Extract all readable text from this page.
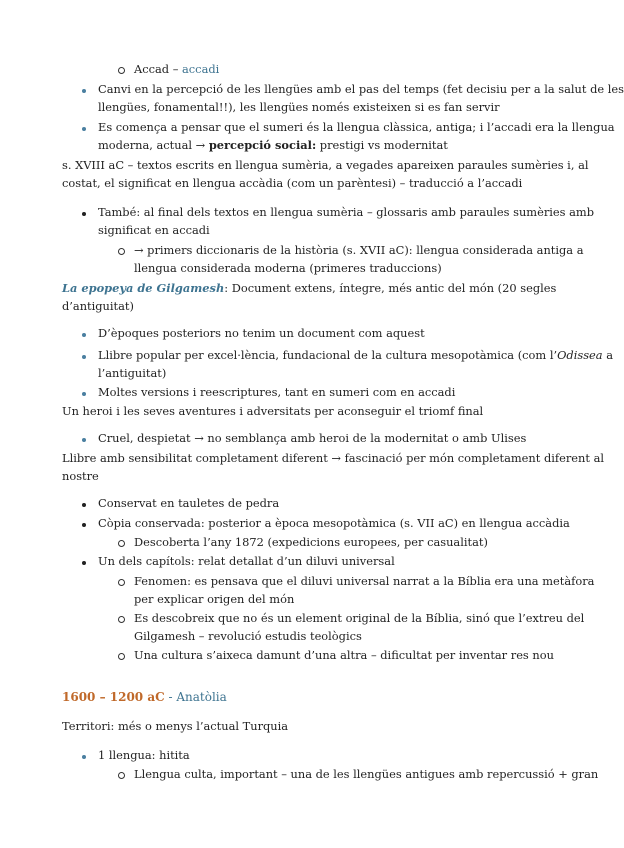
Accad – accadi
Canvi en la percepció de les llengües amb el pas del temps (fet decisiu per a la salut de les
llengües, fonamental!!), les llengües només existeixen si es fan servir
Es comença a pensar que el sumeri és la llengua clàssica, antiga; i l’accadi era la llengua
moderna, actual → percepció social: prestigi vs modernitat
s. XVIII aC – textos escrits en llengua sumèria, a vegades apareixen paraules sumèries i, al
costat, el significat en llengua accàdia (com un parèntesi) – traducció a l’accadi
També: al final dels textos en llengua sumèria – glossaris amb paraules sumèries amb
significat en accadi
→ primers diccionaris de la història (s. XVII aC): llengua considerada antiga a
llengua considerada moderna (primeres traduccions)
La epopeya de Gilgamesh: Document extens, íntegre, més antic del món (20 segles
d’antiguitat)
D’èpoques posteriors no tenim un document com aquest
Llibre popular per excel·lència, fundacional de la cultura mesopotàmica (com l’Odissea a
l’antiguitat)
Moltes versions i reescriptures, tant en sumeri com en accadi
Un heroi i les seves aventures i adversitats per aconseguir el triomf final
Cruel, despietat → no semblança amb heroi de la modernitat o amb Ulises
Llibre amb sensibilitat completament diferent → fascinació per món completament diferent al
nostre
Conservat en tauletes de pedra
Còpia conservada: posterior a època mesopotàmica (s. VII aC) en llengua accàdia
Descoberta l’any 1872 (expedicions europees, per casualitat)
Un dels capítols: relat detallat d’un diluvi universal
Fenomen: es pensava que el diluvi universal narrat a la Bíblia era una metàfora
per explicar origen del món
Es descobreix que no és un element original de la Bíblia, sinó que l’extreu del
Gilgamesh – revolució estudis teològics
Una cultura s’aixeca damunt d’una altra – dificultat per inventar res nou
1600 – 1200 aC - Anatòlia
Territori: més o menys l’actual Turquia
1 llengua: hitita
Llengua culta, important – una de les llengües antigues amb repercussió + gran
